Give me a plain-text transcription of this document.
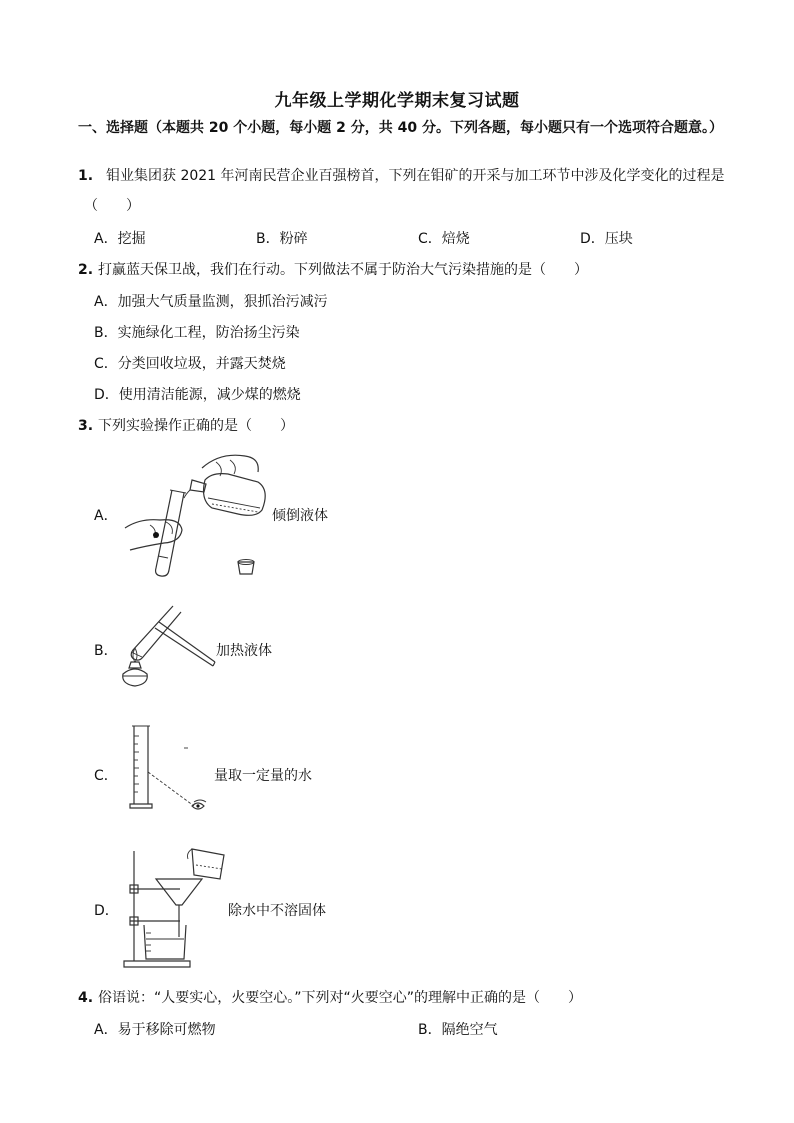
九年级上学期化学期末复习试题
一、选择题（本题共 20 个小题，每小题 2 分，共 40 分。下列各题，每小题只有一个选项符合题意。）
1. 钼业集团获 2021 年河南民营企业百强榜首，下列在钼矿的开采与加工环节中涉及化学变化的过程是
（　　）
A．挖掘	B．粉碎	C．焙烧	D．压块
2. 打赢蓝天保卫战，我们在行动。下列做法不属于防治大气污染措施的是（　　）
A．加强大气质量监测，狠抓治污减污
B．实施绿化工程，防治扬尘污染
C．分类回收垃圾，并露天焚烧
D．使用清洁能源，减少煤的燃烧
3. 下列实验操作正确的是（　　）
A．	倾倒液体
B．	加热液体
C．	量取一定量的水
D．	除水中不溶固体
4. 俗语说：“人要实心，火要空心。”下列对“火要空心”的理解中正确的是（　　）
A．易于移除可燃物	B．隔绝空气
